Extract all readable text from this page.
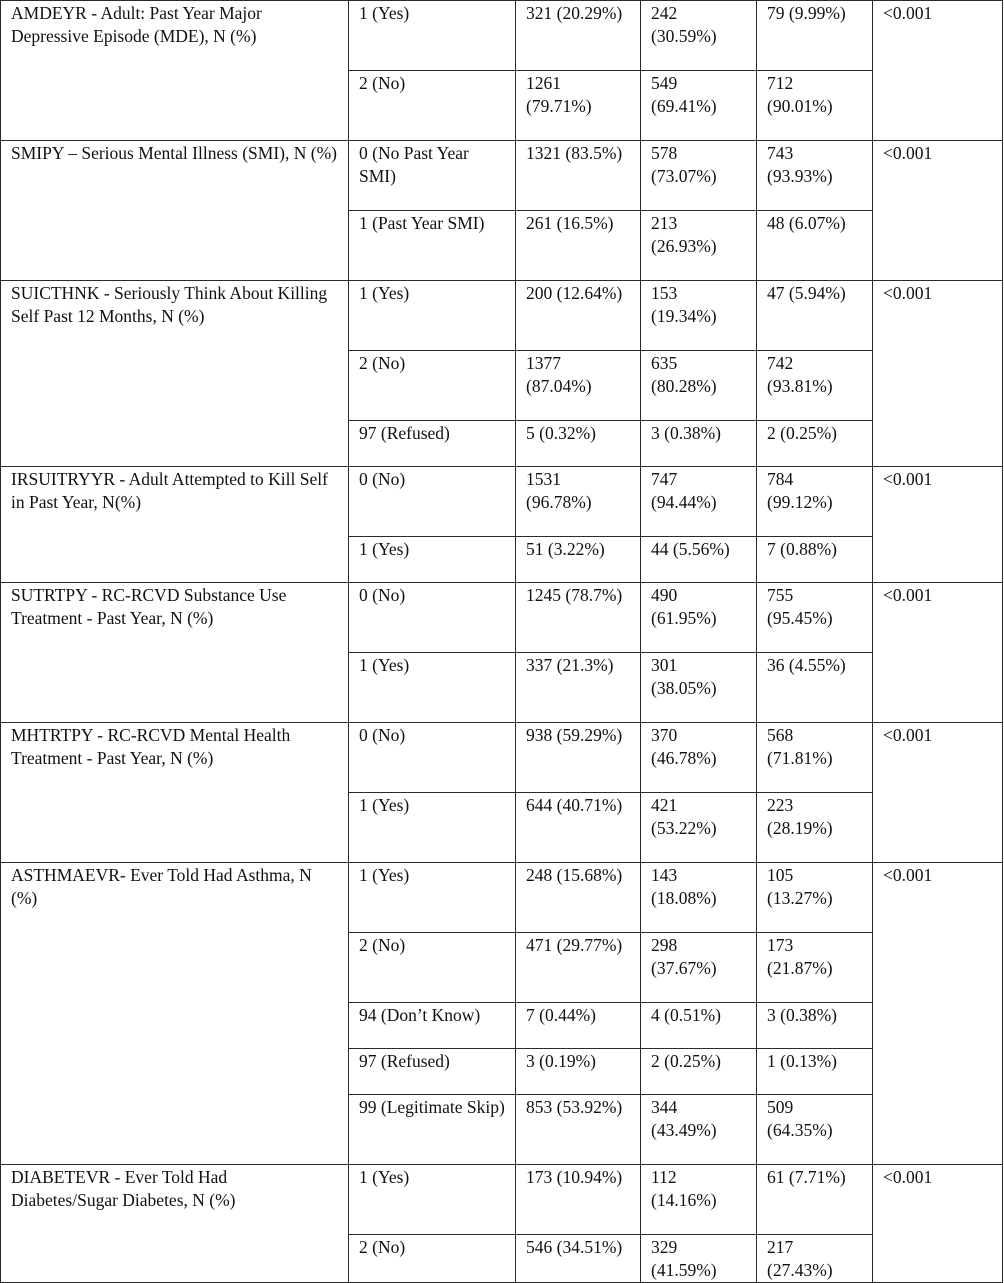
AMDEYR - Adult: Past Year Major Depressive Episode (MDE), N (%)	1 (Yes)	321 (20.29%)	242 (30.59%)	79 (9.99%)	<0.001
	2 (No)	1261 (79.71%)	549 (69.41%)	712 (90.01%)	
SMIPY – Serious Mental Illness (SMI), N (%)	0 (No Past Year SMI)	1321 (83.5%)	578 (73.07%)	743 (93.93%)	<0.001
	1 (Past Year SMI)	261 (16.5%)	213 (26.93%)	48 (6.07%)	
SUICTHNK - Seriously Think About Killing Self Past 12 Months, N (%)	1 (Yes)	200 (12.64%)	153 (19.34%)	47 (5.94%)	<0.001
	2 (No)	1377 (87.04%)	635 (80.28%)	742 (93.81%)	
	97 (Refused)	5 (0.32%)	3 (0.38%)	2 (0.25%)	
IRSUITRYYR - Adult Attempted to Kill Self in Past Year, N(%)	0 (No)	1531 (96.78%)	747 (94.44%)	784 (99.12%)	<0.001
	1 (Yes)	51 (3.22%)	44 (5.56%)	7 (0.88%)	
SUTRTPY - RC-RCVD Substance Use Treatment - Past Year, N (%)	0 (No)	1245 (78.7%)	490 (61.95%)	755 (95.45%)	<0.001
	1 (Yes)	337 (21.3%)	301 (38.05%)	36 (4.55%)	
MHTRTPY - RC-RCVD Mental Health Treatment - Past Year, N (%)	0 (No)	938 (59.29%)	370 (46.78%)	568 (71.81%)	<0.001
	1 (Yes)	644 (40.71%)	421 (53.22%)	223 (28.19%)	
ASTHMAEVR- Ever Told Had Asthma, N (%)	1 (Yes)	248 (15.68%)	143 (18.08%)	105 (13.27%)	<0.001
	2 (No)	471 (29.77%)	298 (37.67%)	173 (21.87%)	
	94 (Don’t Know)	7 (0.44%)	4 (0.51%)	3 (0.38%)	
	97 (Refused)	3 (0.19%)	2 (0.25%)	1 (0.13%)	
	99 (Legitimate Skip)	853 (53.92%)	344 (43.49%)	509 (64.35%)	
DIABETEVR - Ever Told Had Diabetes/Sugar Diabetes, N (%)	1 (Yes)	173 (10.94%)	112 (14.16%)	61 (7.71%)	<0.001
	2 (No)	546 (34.51%)	329 (41.59%)	217 (27.43%)	
